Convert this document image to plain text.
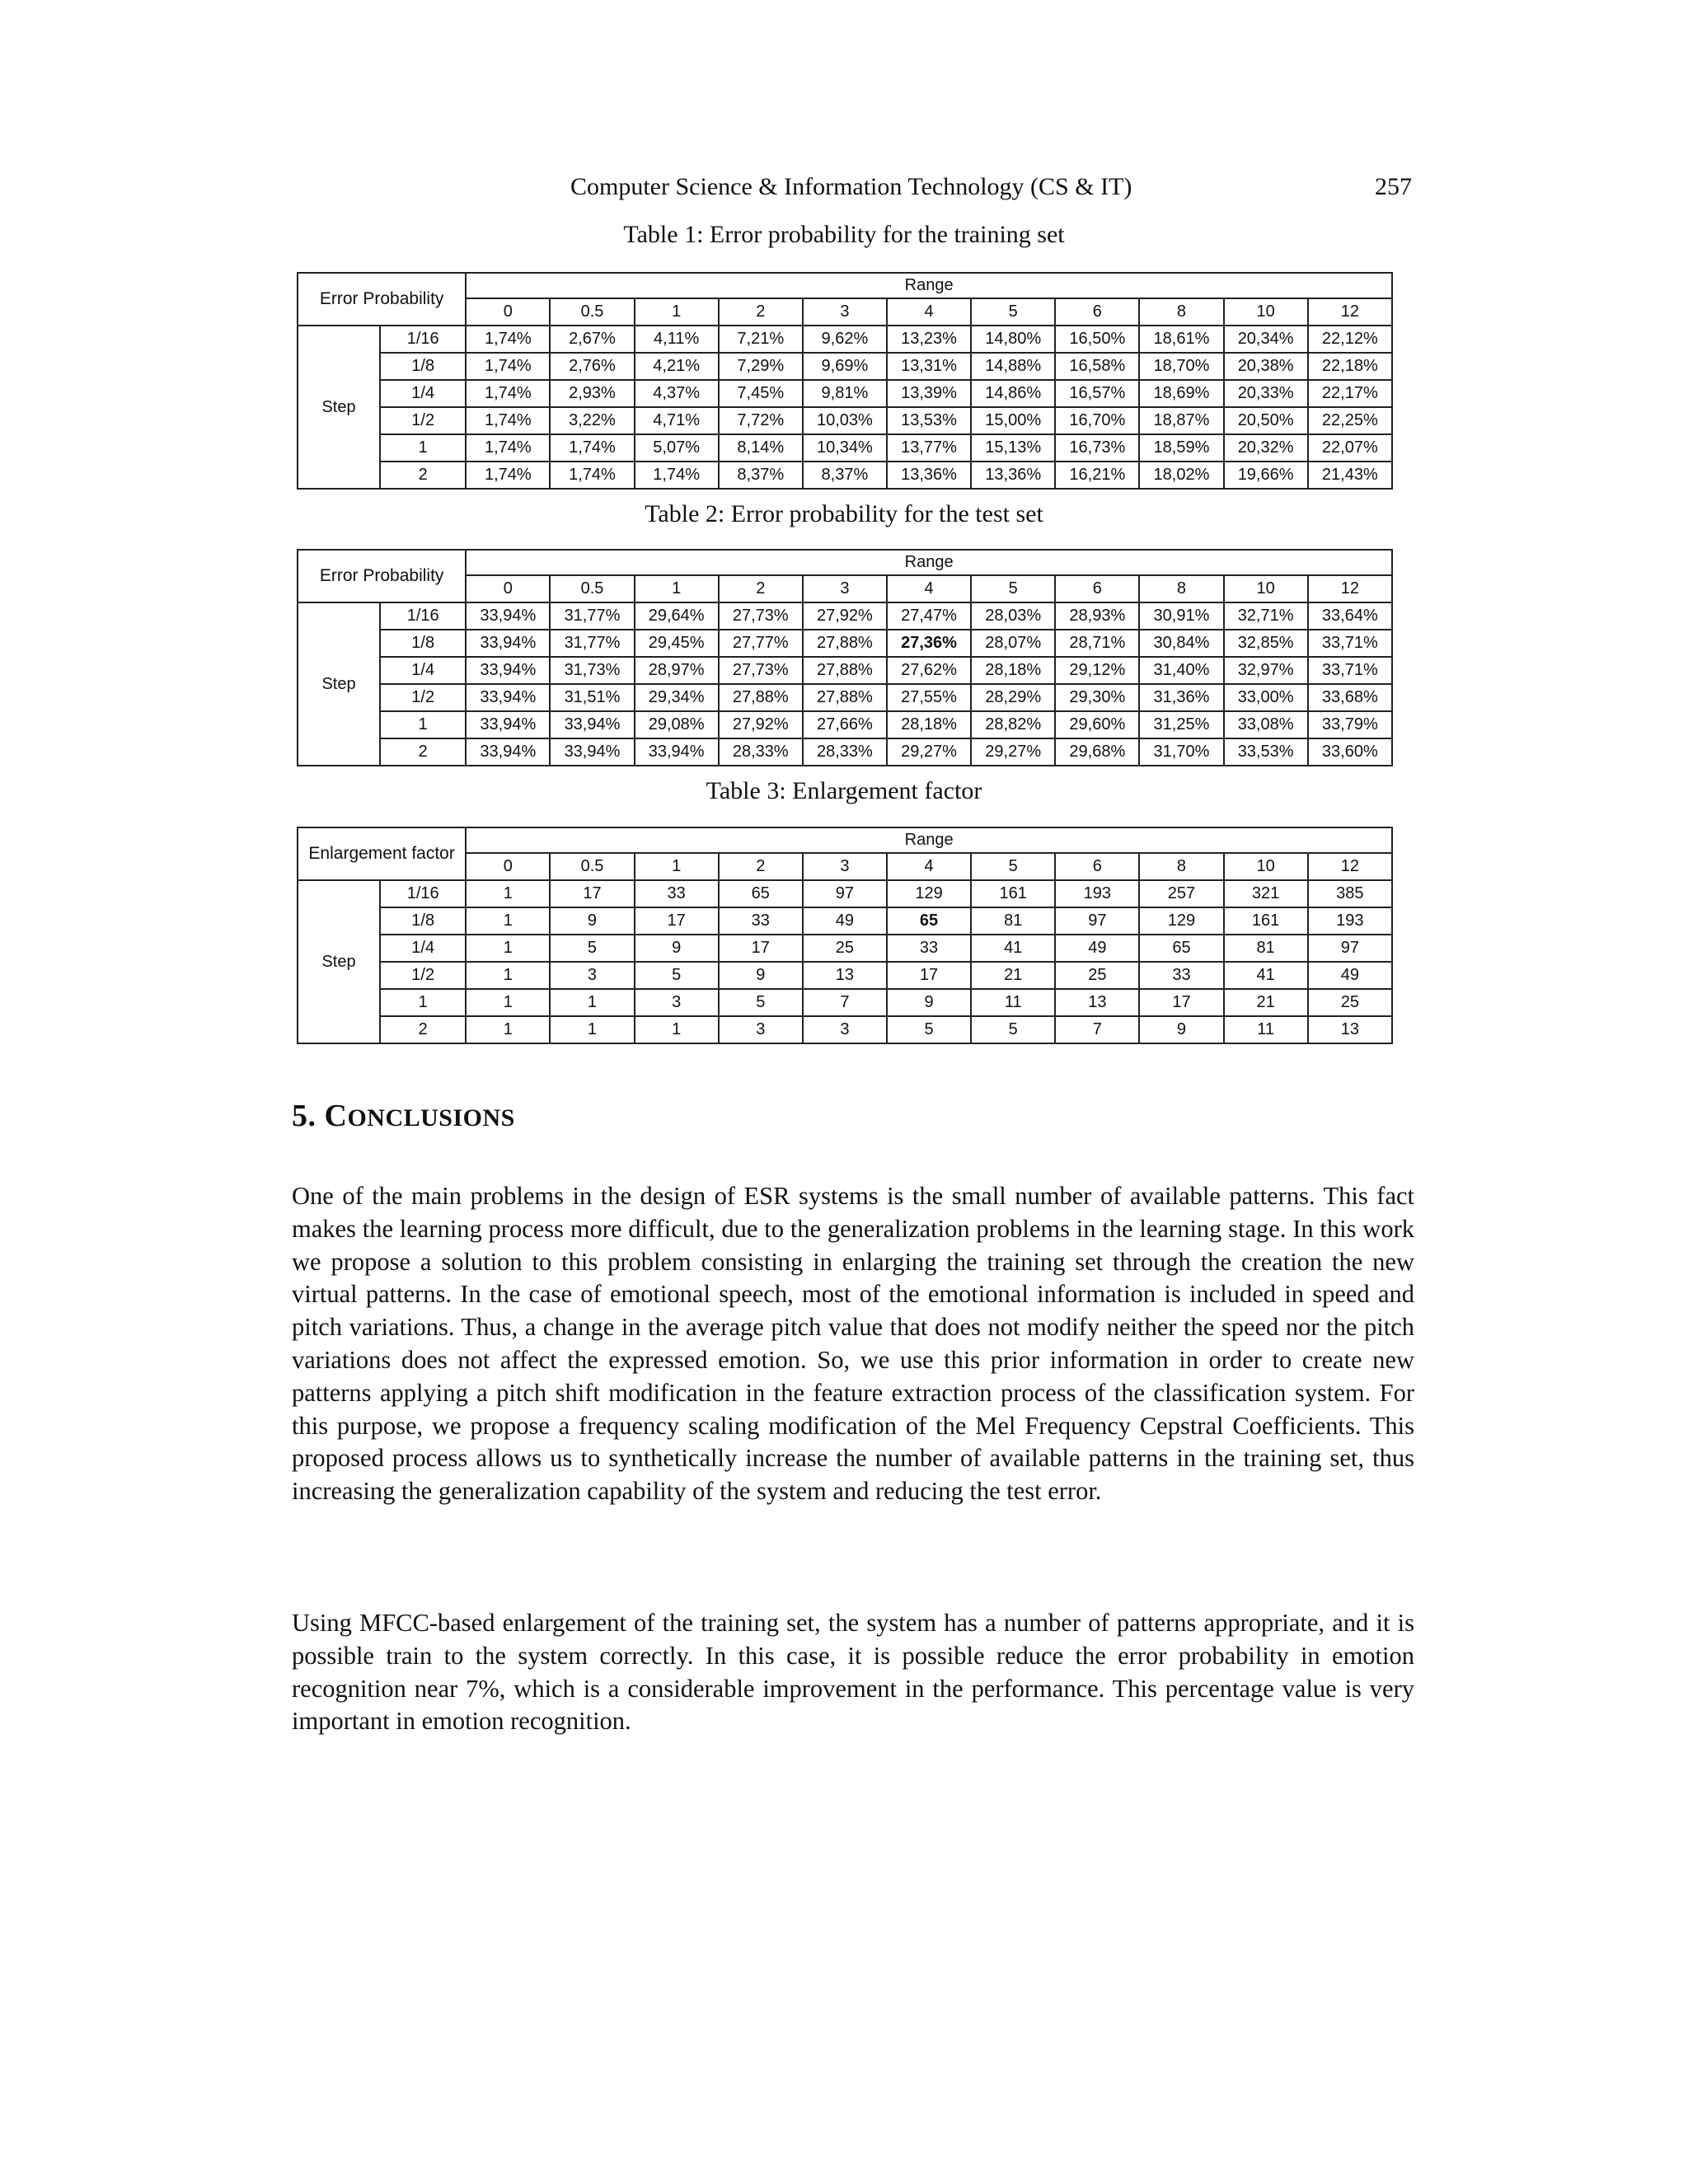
Computer Science & Information Technology (CS & IT)	257
Table 1: Error probability for the training set
Error Probability		Range										
		0	0.5	1	2	3	4	5	6	8	10	12
Step	1/16	1,74%	2,67%	4,11%	7,21%	9,62%	13,23%	14,80%	16,50%	18,61%	20,34%	22,12%
	1/8	1,74%	2,76%	4,21%	7,29%	9,69%	13,31%	14,88%	16,58%	18,70%	20,38%	22,18%
	1/4	1,74%	2,93%	4,37%	7,45%	9,81%	13,39%	14,86%	16,57%	18,69%	20,33%	22,17%
	1/2	1,74%	3,22%	4,71%	7,72%	10,03%	13,53%	15,00%	16,70%	18,87%	20,50%	22,25%
	1	1,74%	1,74%	5,07%	8,14%	10,34%	13,77%	15,13%	16,73%	18,59%	20,32%	22,07%
	2	1,74%	1,74%	1,74%	8,37%	8,37%	13,36%	13,36%	16,21%	18,02%	19,66%	21,43%
Table 2: Error probability for the test set
Error Probability		Range										
		0	0.5	1	2	3	4	5	6	8	10	12
Step	1/16	33,94%	31,77%	29,64%	27,73%	27,92%	27,47%	28,03%	28,93%	30,91%	32,71%	33,64%
	1/8	33,94%	31,77%	29,45%	27,77%	27,88%	27,36%	28,07%	28,71%	30,84%	32,85%	33,71%
	1/4	33,94%	31,73%	28,97%	27,73%	27,88%	27,62%	28,18%	29,12%	31,40%	32,97%	33,71%
	1/2	33,94%	31,51%	29,34%	27,88%	27,88%	27,55%	28,29%	29,30%	31,36%	33,00%	33,68%
	1	33,94%	33,94%	29,08%	27,92%	27,66%	28,18%	28,82%	29,60%	31,25%	33,08%	33,79%
	2	33,94%	33,94%	33,94%	28,33%	28,33%	29,27%	29,27%	29,68%	31,70%	33,53%	33,60%
Table 3: Enlargement factor
Enlargement factor		Range										
		0	0.5	1	2	3	4	5	6	8	10	12
Step	1/16	1	17	33	65	97	129	161	193	257	321	385
	1/8	1	9	17	33	49	65	81	97	129	161	193
	1/4	1	5	9	17	25	33	41	49	65	81	97
	1/2	1	3	5	9	13	17	21	25	33	41	49
	1	1	1	3	5	7	9	11	13	17	21	25
	2	1	1	1	3	3	5	5	7	9	11	13
5. CONCLUSIONS
One of the main problems in the design of ESR systems is the small number of available patterns. This fact makes the learning process more difficult, due to the generalization problems in the learning stage. In this work we propose a solution to this problem consisting in enlarging the training set through the creation the new virtual patterns. In the case of emotional speech, most of the emotional information is included in speed and pitch variations. Thus, a change in the average pitch value that does not modify neither the speed nor the pitch variations does not affect the expressed emotion. So, we use this prior information in order to create new patterns applying a pitch shift modification in the feature extraction process of the classification system. For this purpose, we propose a frequency scaling modification of the Mel Frequency Cepstral Coefficients. This proposed process allows us to synthetically increase the number of available patterns in the training set, thus increasing the generalization capability of the system and reducing the test error.
Using MFCC-based enlargement of the training set, the system has a number of patterns appropriate, and it is possible train to the system correctly. In this case, it is possible reduce the error probability in emotion recognition near 7%, which is a considerable improvement in the performance. This percentage value is very important in emotion recognition.
